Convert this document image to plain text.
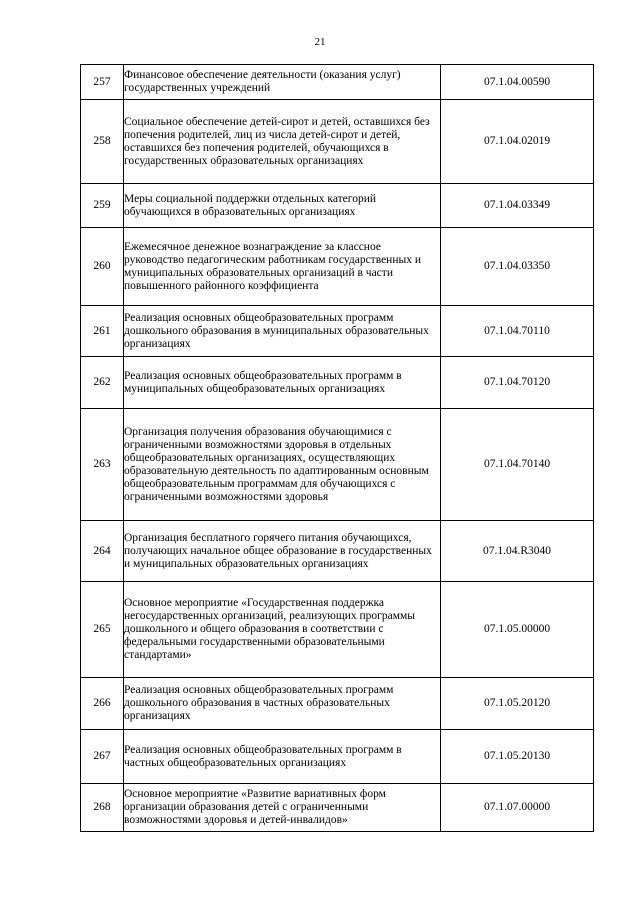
21
257	Финансовое обеспечение деятельности (оказания услуг) государственных учреждений	07.1.04.00590
258	Социальное обеспечение детей-сирот и детей, оставшихся без попечения родителей, лиц из числа детей-сирот и детей, оставшихся без попечения родителей, обучающихся в государственных образовательных организациях	07.1.04.02019
259	Меры социальной поддержки отдельных категорий обучающихся в образовательных организациях	07.1.04.03349
260	Ежемесячное денежное вознаграждение за классное руководство педагогическим работникам государственных и муниципальных образовательных организаций в части повышенного районного коэффициента	07.1.04.03350
261	Реализация основных общеобразовательных программ дошкольного образования в муниципальных образовательных организациях	07.1.04.70110
262	Реализация основных общеобразовательных программ в муниципальных общеобразовательных организациях	07.1.04.70120
263	Организация получения образования обучающимися с ограниченными возможностями здоровья в отдельных общеобразовательных организациях, осуществляющих образовательную деятельность по адаптированным основным общеобразовательным программам для обучающихся с ограниченными возможностями здоровья	07.1.04.70140
264	Организация бесплатного горячего питания обучающихся, получающих начальное общее образование в государственных и муниципальных образовательных организациях	07.1.04.R3040
265	Основное мероприятие «Государственная поддержка негосударственных организаций, реализующих программы дошкольного и общего образования в соответствии с федеральными государственными образовательными стандартами»	07.1.05.00000
266	Реализация основных общеобразовательных программ дошкольного образования в частных образовательных организациях	07.1.05.20120
267	Реализация основных общеобразовательных программ в частных общеобразовательных организациях	07.1.05.20130
268	Основное мероприятие «Развитие вариативных форм организации образования детей с ограниченными возможностями здоровья и детей-инвалидов»	07.1.07.00000
